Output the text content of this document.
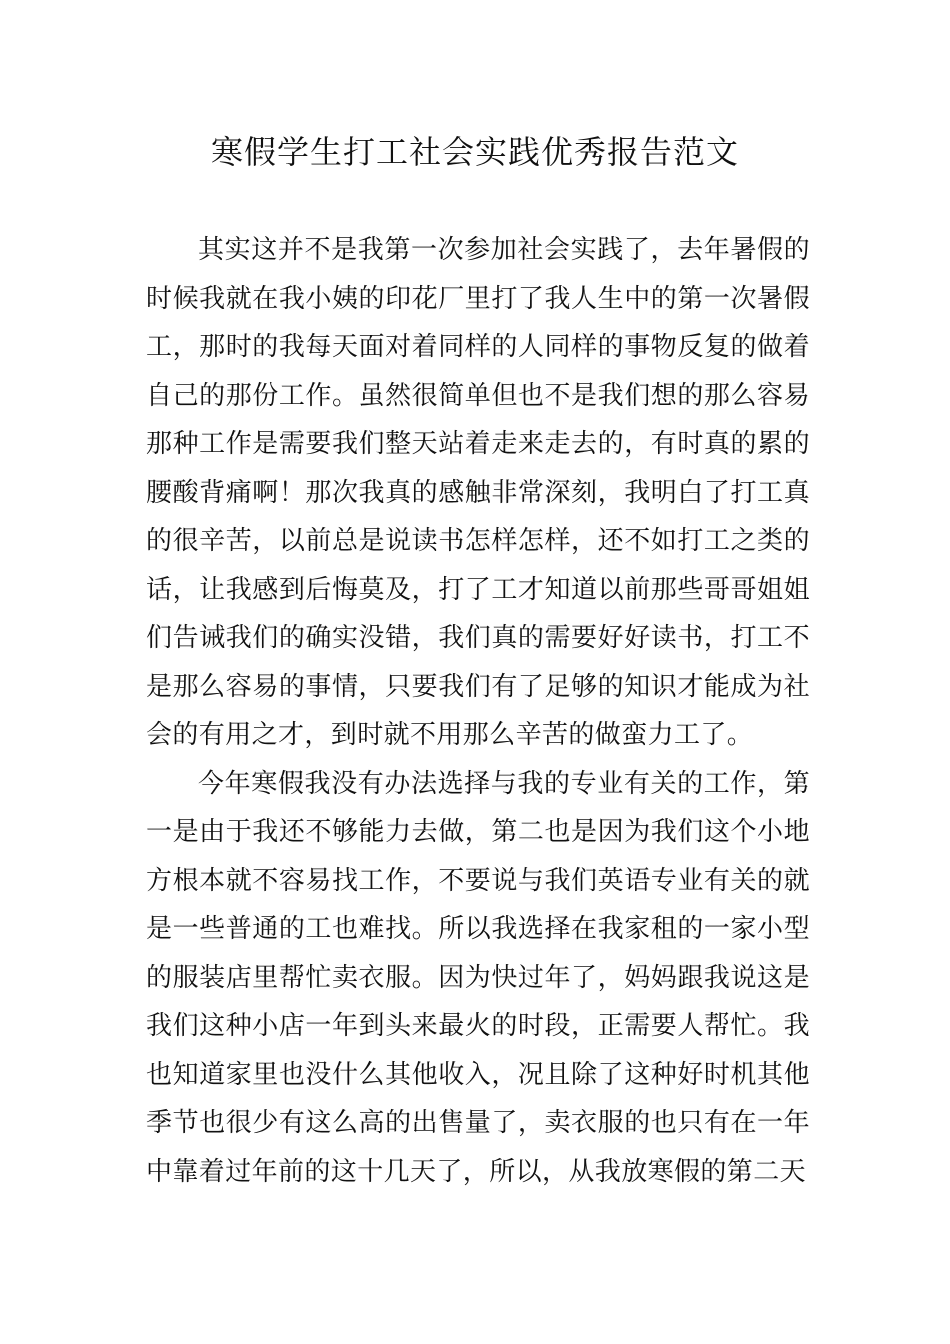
寒假学生打工社会实践优秀报告范文

其实这并不是我第一次参加社会实践了，去年暑假的时候我就在我小姨的印花厂里打了我人生中的第一次暑假工，那时的我每天面对着同样的人同样的事物反复的做着自己的那份工作。虽然很简单但也不是我们想的那么容易那种工作是需要我们整天站着走来走去的，有时真的累的腰酸背痛啊！那次我真的感触非常深刻，我明白了打工真的很辛苦，以前总是说读书怎样怎样，还不如打工之类的话，让我感到后悔莫及，打了工才知道以前那些哥哥姐姐们告诫我们的确实没错，我们真的需要好好读书，打工不是那么容易的事情，只要我们有了足够的知识才能成为社会的有用之才，到时就不用那么辛苦的做蛮力工了。

今年寒假我没有办法选择与我的专业有关的工作，第一是由于我还不够能力去做，第二也是因为我们这个小地方根本就不容易找工作，不要说与我们英语专业有关的就是一些普通的工也难找。所以我选择在我家租的一家小型的服装店里帮忙卖衣服。因为快过年了，妈妈跟我说这是我们这种小店一年到头来最火的时段，正需要人帮忙。我也知道家里也没什么其他收入，况且除了这种好时机其他季节也很少有这么高的出售量了，卖衣服的也只有在一年中靠着过年前的这十几天了，所以，从我放寒假的第二天
